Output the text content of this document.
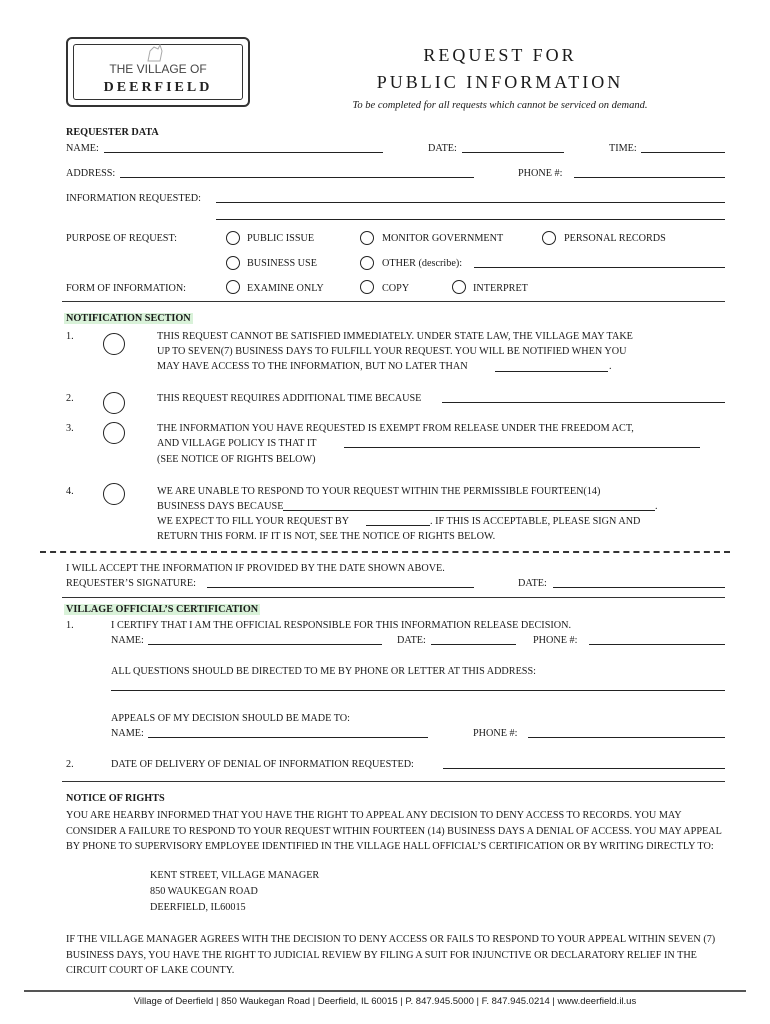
THE VILLAGE OF
DEERFIELD
REQUEST FOR
PUBLIC INFORMATION
To be completed for all requests which cannot be serviced on demand.
REQUESTER DATA
NAME:	DATE:	TIME:
ADDRESS:	PHONE #:
INFORMATION REQUESTED:
PURPOSE OF REQUEST:	PUBLIC ISSUE	MONITOR GOVERNMENT	PERSONAL RECORDS
BUSINESS USE	OTHER (describe):
FORM OF INFORMATION:	EXAMINE ONLY	COPY	INTERPRET
NOTIFICATION SECTION
1.	THIS REQUEST CANNOT BE SATISFIED IMMEDIATELY. UNDER STATE LAW, THE VILLAGE MAY TAKE
UP TO SEVEN(7) BUSINESS DAYS TO FULFILL YOUR REQUEST. YOU WILL BE NOTIFIED WHEN YOU
MAY HAVE ACCESS TO THE INFORMATION, BUT NO LATER THAN	.
2.	THIS REQUEST REQUIRES ADDITIONAL TIME BECAUSE
3.	THE INFORMATION YOU HAVE REQUESTED IS EXEMPT FROM RELEASE UNDER THE FREEDOM ACT,
AND VILLAGE POLICY IS THAT IT
(SEE NOTICE OF RIGHTS BELOW)
4.	WE ARE UNABLE TO RESPOND TO YOUR REQUEST WITHIN THE PERMISSIBLE FOURTEEN(14)
BUSINESS DAYS BECAUSE	.
WE EXPECT TO FILL YOUR REQUEST BY	. IF THIS IS ACCEPTABLE, PLEASE SIGN AND
RETURN THIS FORM. IF IT IS NOT, SEE THE NOTICE OF RIGHTS BELOW.
I WILL ACCEPT THE INFORMATION IF PROVIDED BY THE DATE SHOWN ABOVE.
REQUESTER’S SIGNATURE:	DATE:
VILLAGE OFFICIAL’S CERTIFICATION
1.	I CERTIFY THAT I AM THE OFFICIAL RESPONSIBLE FOR THIS INFORMATION RELEASE DECISION.
NAME:	DATE:	PHONE #:
ALL QUESTIONS SHOULD BE DIRECTED TO ME BY PHONE OR LETTER AT THIS ADDRESS:
APPEALS OF MY DECISION SHOULD BE MADE TO:
NAME:	PHONE #:
2.	DATE OF DELIVERY OF DENIAL OF INFORMATION REQUESTED:
NOTICE OF RIGHTS
YOU ARE HEARBY INFORMED THAT YOU HAVE THE RIGHT TO APPEAL ANY DECISION TO DENY ACCESS TO RECORDS. YOU MAY CONSIDER A FAILURE TO RESPOND TO YOUR REQUEST WITHIN FOURTEEN (14) BUSINESS DAYS A DENIAL OF ACCESS. YOU MAY APPEAL BY PHONE TO SUPERVISORY EMPLOYEE IDENTIFIED IN THE VILLAGE HALL OFFICIAL’S CERTIFICATION OR BY WRITING DIRECTLY TO:
KENT STREET, VILLAGE MANAGER
850 WAUKEGAN ROAD
DEERFIELD, IL60015
IF THE VILLAGE MANAGER AGREES WITH THE DECISION TO DENY ACCESS OR FAILS TO RESPOND TO YOUR APPEAL WITHIN SEVEN (7) BUSINESS DAYS, YOU HAVE THE RIGHT TO JUDICIAL REVIEW BY FILING A SUIT FOR INJUNCTIVE OR DECLARATORY RELIEF IN THE CIRCUIT COURT OF LAKE COUNTY.
Village of Deerfield | 850 Waukegan Road | Deerfield, IL 60015 | P. 847.945.5000 | F. 847.945.0214 | www.deerfield.il.us
